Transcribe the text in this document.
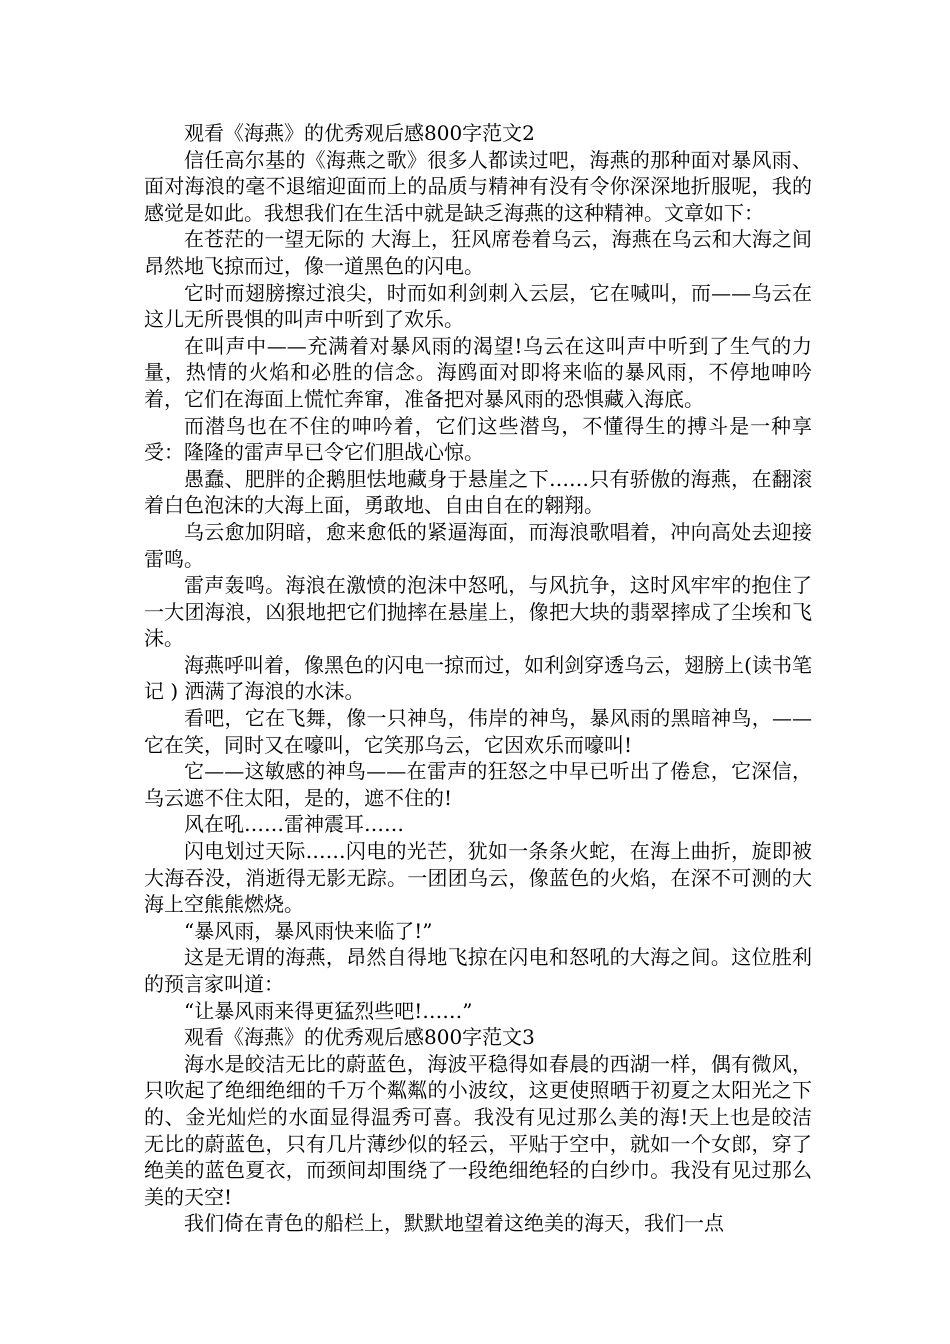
观看《海燕》的优秀观后感800字范文2

信任高尔基的《海燕之歌》很多人都读过吧，海燕的那种面对暴风雨、面对海浪的毫不退缩迎面而上的品质与精神有没有令你深深地折服呢，我的感觉是如此。我想我们在生活中就是缺乏海燕的这种精神。文章如下：

在苍茫的一望无际的 大海上，狂风席卷着乌云，海燕在乌云和大海之间昂然地飞掠而过，像一道黑色的闪电。

它时而翅膀擦过浪尖，时而如利剑刺入云层，它在喊叫，而——乌云在这儿无所畏惧的叫声中听到了欢乐。

在叫声中——充满着对暴风雨的渴望!乌云在这叫声中听到了生气的力量，热情的火焰和必胜的信念。海鸥面对即将来临的暴风雨，不停地呻吟着，它们在海面上慌忙奔窜，准备把对暴风雨的恐惧藏入海底。

而潜鸟也在不住的呻吟着，它们这些潜鸟，不懂得生的搏斗是一种享受：隆隆的雷声早已令它们胆战心惊。

愚蠢、肥胖的企鹅胆怯地藏身于悬崖之下……只有骄傲的海燕，在翻滚着白色泡沫的大海上面，勇敢地、自由自在的翱翔。

乌云愈加阴暗，愈来愈低的紧逼海面，而海浪歌唱着，冲向高处去迎接雷鸣。

雷声轰鸣。海浪在激愤的泡沫中怒吼，与风抗争，这时风牢牢的抱住了一大团海浪，凶狠地把它们抛摔在悬崖上，像把大块的翡翠摔成了尘埃和飞沫。

海燕呼叫着，像黑色的闪电一掠而过，如利剑穿透乌云，翅膀上(读书笔记 ) 洒满了海浪的水沫。

看吧，它在飞舞，像一只神鸟，伟岸的神鸟，暴风雨的黑暗神鸟，——它在笑，同时又在嚎叫，它笑那乌云，它因欢乐而嚎叫!

它——这敏感的神鸟——在雷声的狂怒之中早已听出了倦怠，它深信，乌云遮不住太阳，是的，遮不住的!

风在吼……雷神震耳……

闪电划过天际……闪电的光芒，犹如一条条火蛇，在海上曲折，旋即被大海吞没，消逝得无影无踪。一团团乌云，像蓝色的火焰，在深不可测的大海上空熊熊燃烧。

“暴风雨，暴风雨快来临了!”

这是无谓的海燕，昂然自得地飞掠在闪电和怒吼的大海之间。这位胜利的预言家叫道：

“让暴风雨来得更猛烈些吧!……”

观看《海燕》的优秀观后感800字范文3

海水是皎洁无比的蔚蓝色，海波平稳得如春晨的西湖一样，偶有微风，只吹起了绝细绝细的千万个粼粼的小波纹，这更使照晒于初夏之太阳光之下的、金光灿烂的水面显得温秀可喜。我没有见过那么美的海!天上也是皎洁无比的蔚蓝色，只有几片薄纱似的轻云，平贴于空中，就如一个女郎，穿了绝美的蓝色夏衣，而颈间却围绕了一段绝细绝轻的白纱巾。我没有见过那么美的天空!

我们倚在青色的船栏上，默默地望着这绝美的海天，我们一点
